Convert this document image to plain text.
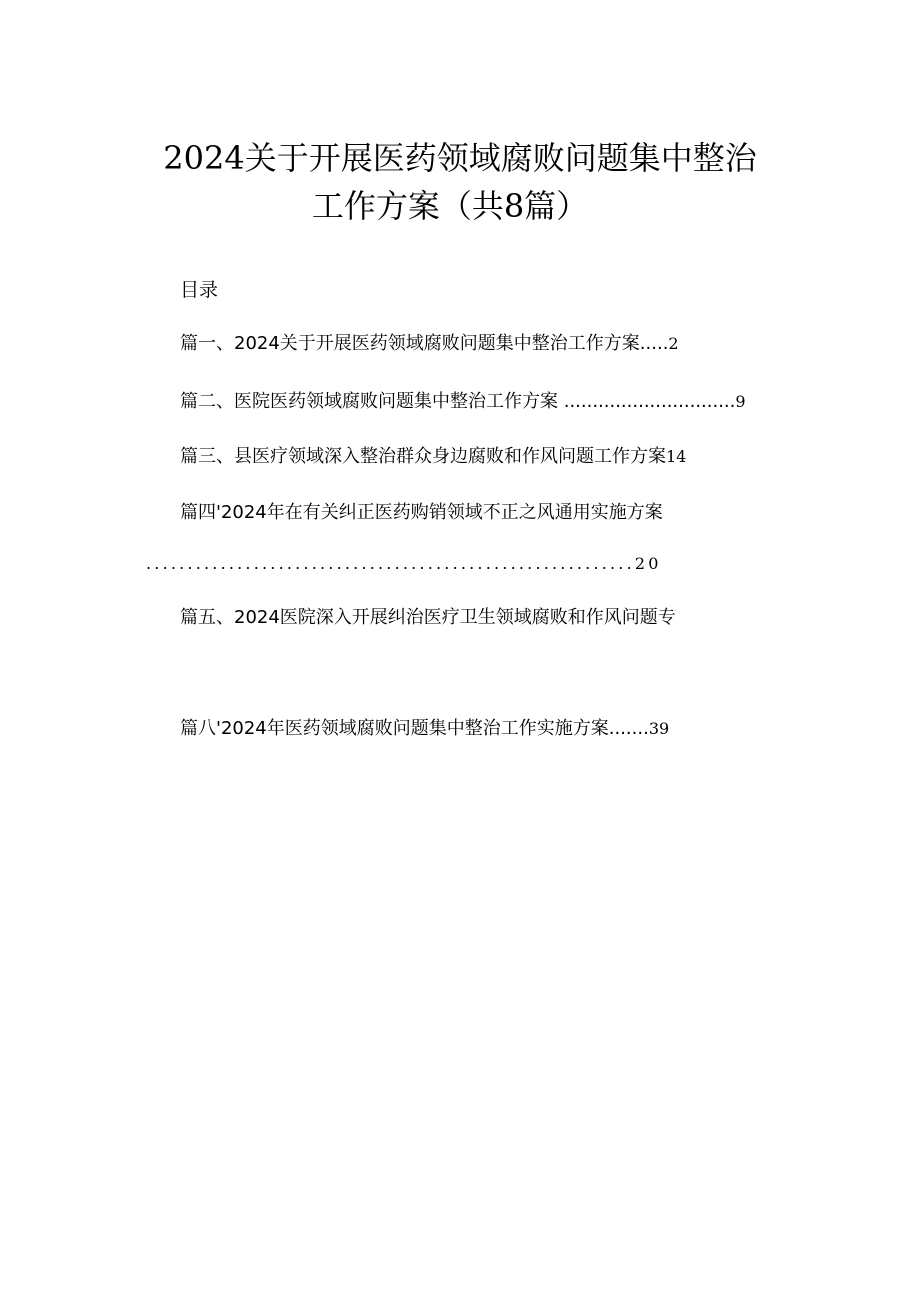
2024关于开展医药领域腐败问题集中整治
工作方案（共8篇）
目录
篇一、2024关于开展医药领域腐败问题集中整治工作方案.....2
篇二、医院医药领域腐败问题集中整治工作方案 ..............................9
篇三、县医疗领域深入整治群众身边腐败和作风问题工作方案14
篇四'2024年在有关纠正医药购销领域不正之风通用实施方案
...........................................................20
篇五、2024医院深入开展纠治医疗卫生领域腐败和作风问题专
篇八'2024年医药领域腐败问题集中整治工作实施方案.......39
